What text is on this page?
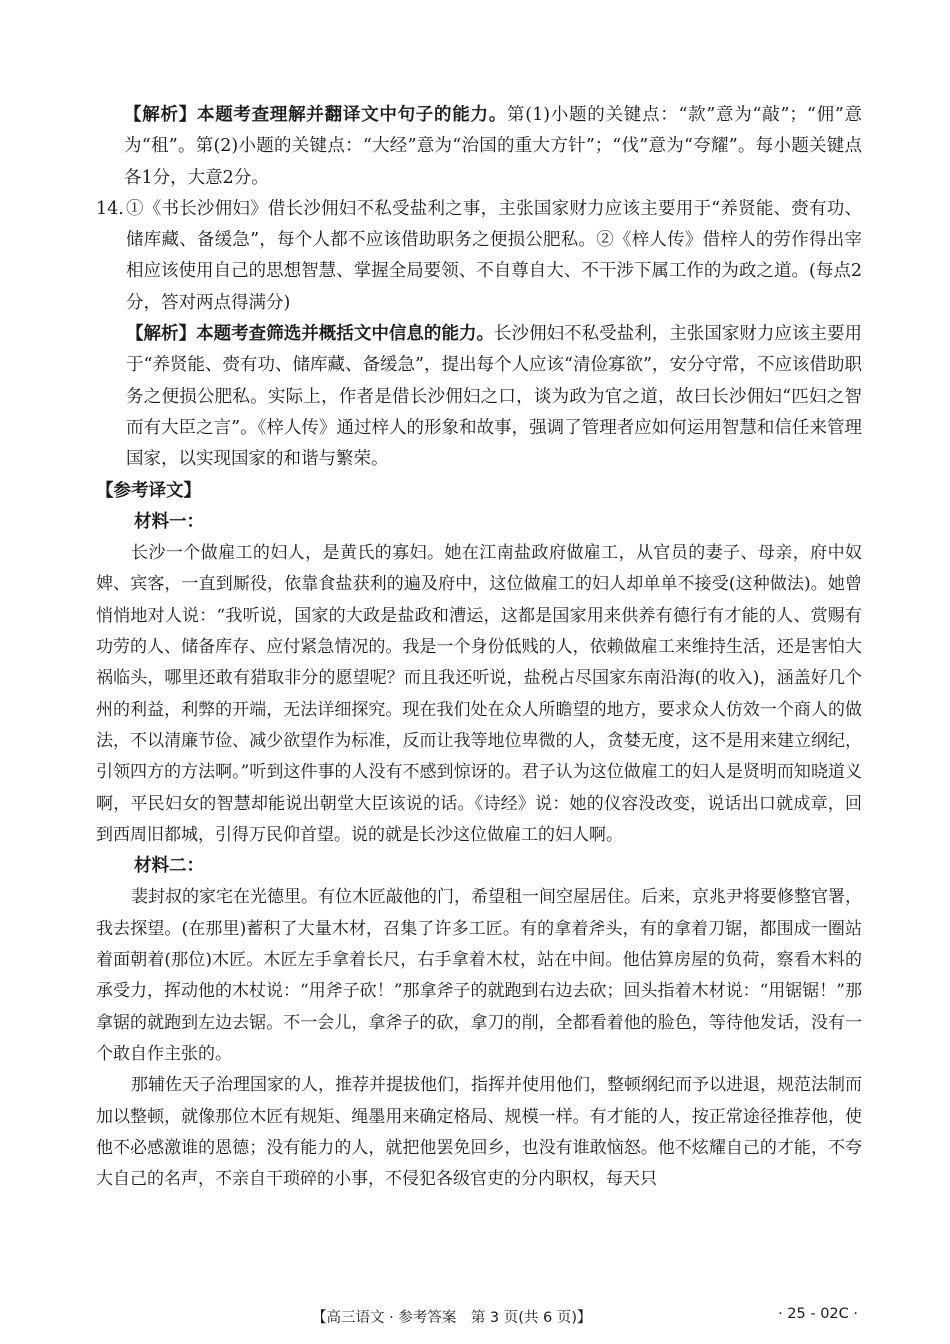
【解析】本题考查理解并翻译文中句子的能力。第(1)小题的关键点：“款”意为“敲”；“佣”意为“租”。第(2)小题的关键点：“大经”意为“治国的重大方针”；“伐”意为“夸耀”。每小题关键点各1分，大意2分。

14. ①《书长沙佣妇》借长沙佣妇不私受盐利之事，主张国家财力应该主要用于“养贤能、赍有功、储库藏、备缓急”，每个人都不应该借助职务之便损公肥私。②《梓人传》借梓人的劳作得出宰相应该使用自己的思想智慧、掌握全局要领、不自尊自大、不干涉下属工作的为政之道。(每点2分，答对两点得满分)

【解析】本题考查筛选并概括文中信息的能力。长沙佣妇不私受盐利，主张国家财力应该主要用于“养贤能、赍有功、储库藏、备缓急”，提出每个人应该“清俭寡欲”，安分守常，不应该借助职务之便损公肥私。实际上，作者是借长沙佣妇之口，谈为政为官之道，故曰长沙佣妇“匹妇之智而有大臣之言”。《梓人传》通过梓人的形象和故事，强调了管理者应如何运用智慧和信任来管理国家，以实现国家的和谐与繁荣。

【参考译文】

材料一：

长沙一个做雇工的妇人，是黄氏的寡妇。她在江南盐政府做雇工，从官员的妻子、母亲，府中奴婢、宾客，一直到厮役，依靠食盐获利的遍及府中，这位做雇工的妇人却单单不接受(这种做法)。她曾悄悄地对人说：“我听说，国家的大政是盐政和漕运，这都是国家用来供养有德行有才能的人、赏赐有功劳的人、储备库存、应付紧急情况的。我是一个身份低贱的人，依赖做雇工来维持生活，还是害怕大祸临头，哪里还敢有猎取非分的愿望呢？而且我还听说，盐税占尽国家东南沿海(的收入)，涵盖好几个州的利益，利弊的开端，无法详细探究。现在我们处在众人所瞻望的地方，要求众人仿效一个商人的做法，不以清廉节俭、减少欲望作为标准，反而让我等地位卑微的人，贪婪无度，这不是用来建立纲纪，引领四方的方法啊。”听到这件事的人没有不感到惊讶的。君子认为这位做雇工的妇人是贤明而知晓道义啊，平民妇女的智慧却能说出朝堂大臣该说的话。《诗经》说：她的仪容没改变，说话出口就成章，回到西周旧都城，引得万民仰首望。说的就是长沙这位做雇工的妇人啊。

材料二：

裴封叔的家宅在光德里。有位木匠敲他的门，希望租一间空屋居住。后来，京兆尹将要修整官署，我去探望。(在那里)蓄积了大量木材，召集了许多工匠。有的拿着斧头，有的拿着刀锯，都围成一圈站着面朝着(那位)木匠。木匠左手拿着长尺，右手拿着木杖，站在中间。他估算房屋的负荷，察看木料的承受力，挥动他的木杖说：“用斧子砍！”那拿斧子的就跑到右边去砍；回头指着木材说：“用锯锯！”那拿锯的就跑到左边去锯。不一会儿，拿斧子的砍，拿刀的削，全都看着他的脸色，等待他发话，没有一个敢自作主张的。

那辅佐天子治理国家的人，推荐并提拔他们，指挥并使用他们，整顿纲纪而予以进退，规范法制而加以整顿，就像那位木匠有规矩、绳墨用来确定格局、规模一样。有才能的人，按正常途径推荐他，使他不必感激谁的恩德；没有能力的人，就把他罢免回乡，也没有谁敢恼怒。他不炫耀自己的才能，不夸大自己的名声，不亲自干琐碎的小事，不侵犯各级官吏的分内职权，每天只

【高三语文 · 参考答案　第 3 页(共 6 页)】	· 25 - 02C ·
